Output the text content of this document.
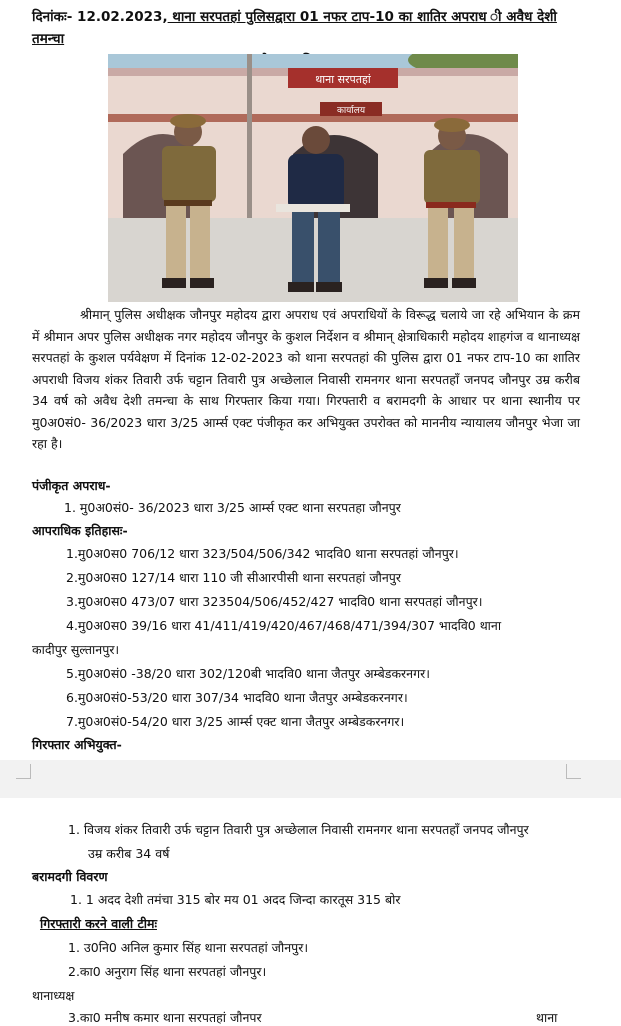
दिनांकः- 12.02.2023, थाना सरपतहां पुलिसद्वारा 01 नफर टाप-10 का शातिर अपराध ी अवैध देशी तमन्चा
थाना सरपतहां
कार्यालय
श्रीमान् पुलिस अधीक्षक जौनपुर महोदय द्वारा अपराध एवं अपराधियों के विरूद्ध चलाये जा रहे अभियान के क्रम में श्रीमान अपर पुलिस अधीक्षक नगर महोदय जौनपुर के कुशल निर्देशन व श्रीमान् क्षेत्राधिकारी महोदय शाहगंज व थानाध्यक्ष सरपतहां के कुशल पर्यवेक्षण में दिनांक 12-02-2023 को थाना सरपतहां की पुलिस द्वारा 01 नफर टाप-10 का शातिर अपराधी विजय शंकर तिवारी उर्फ चट्टान तिवारी पुत्र अच्छेलाल निवासी रामनगर थाना सरपतहाँ जनपद जौनपुर उम्र करीब 34 वर्ष को अवैध देशी तमन्चा के साथ गिरफ्तार किया गया। गिरफ्तारी व बरामदगी के आधार पर थाना स्थानीय पर मु0अ0सं0- 36/2023 धारा 3/25 आर्म्स एक्ट पंजीकृत कर अभियुक्त उपरोक्त को माननीय न्यायालय जौनपुर भेजा जा रहा है।
पंजीकृत अपराध-
1. मु0अ0सं0- 36/2023 धारा 3/25 आर्म्स एक्ट थाना सरपतहा जौनपुर
आपराधिक इतिहासः-
1.मु0अ0स0 706/12 धारा 323/504/506/342 भादवि0 थाना सरपतहां जौनपुर।
2.मु0अ0स0 127/14 धारा 110 जी सीआरपीसी थाना सरपतहां जौनपुर
3.मु0अ0स0 473/07 धारा 323504/506/452/427 भादवि0 थाना सरपतहां जौनपुर।
4.मु0अ0स0 39/16 धारा 41/411/419/420/467/468/471/394/307 भादवि0 थाना
कादीपुर सुल्तानपुर।
5.मु0अ0सं0 -38/20 धारा 302/120बी भादवि0 थाना जैतपुर अम्बेडकरनगर।
6.मु0अ0सं0-53/20 धारा 307/34 भादवि0 थाना जैतपुर अम्बेडकरनगर।
7.मु0अ0सं0-54/20 धारा 3/25 आर्म्स एक्ट थाना जैतपुर अम्बेडकरनगर।
गिरफ्तार अभियुक्त-
1. विजय शंकर तिवारी उर्फ चट्टान तिवारी पुत्र अच्छेलाल निवासी रामनगर थाना सरपतहाँ जनपद जौनपुर
उम्र करीब 34 वर्ष
बरामदगी विवरण
1. 1 अदद देशी तमंचा 315 बोर मय 01 अदद जिन्दा कारतूस 315 बोर
गिरफ्तारी करने वाली टीमः
1. उ0नि0 अनिल कुमार सिंह थाना सरपतहां जौनपुर।
2.का0 अनुराग सिंह थाना सरपतहां जौनपुर।
थानाध्यक्ष
3.का0 मनीष कमार थाना सरपतहां जौनपर	थाना
